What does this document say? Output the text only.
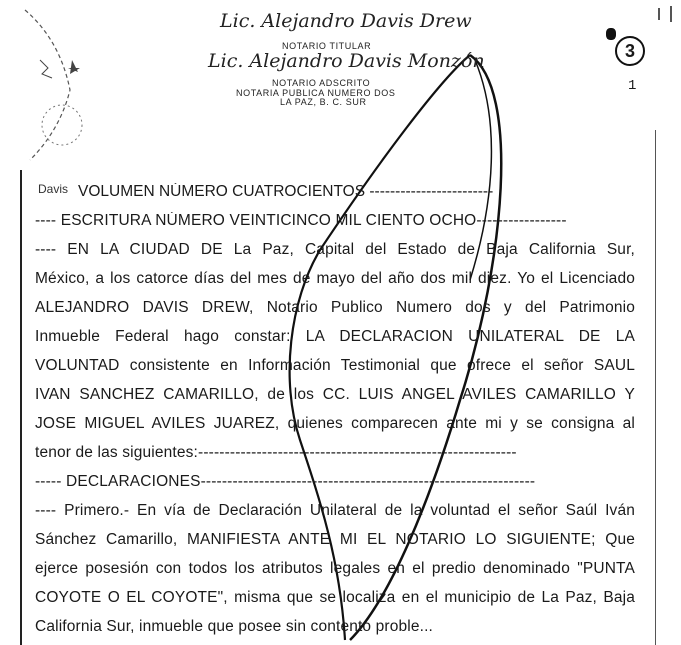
3
Lic. Alejandro Davis Drew
NOTARIO TITULAR
Lic. Alejandro Davis Monzón
NOTARIO ADSCRITO
NOTARIA PUBLICA NUMERO DOS
LA PAZ, B. C. SUR
1
Davis VOLUMEN NÚMERO CUATROCIENTOS ------------------------
---- ESCRITURA NÚMERO VEINTICINCO MIL CIENTO OCHO-----------------
---- EN LA CIUDAD DE La Paz, Capital del Estado de Baja California Sur,
México, a los catorce días del mes de mayo del año dos mil diez. Yo el Licenciado
ALEJANDRO DAVIS DREW, Notario Publico Numero dos y del Patrimonio
Inmueble Federal hago constar: LA DECLARACION UNILATERAL DE LA
VOLUNTAD consistente en Información Testimonial que ofrece el señor SAUL
IVAN SANCHEZ CAMARILLO, de los CC. LUIS ANGEL AVILES CAMARILLO Y
JOSE MIGUEL AVILES JUAREZ, quienes comparecen ante mi y se consigna al
tenor de las siguientes:------------------------------------------------------------
----- DECLARACIONES---------------------------------------------------------------
---- Primero.- En vía de Declaración Unilateral de la voluntad el señor Saúl Iván
Sánchez Camarillo, MANIFIESTA ANTE MI EL NOTARIO LO SIGUIENTE; Que
ejerce posesión con todos los atributos legales en el predio denominado "PUNTA
COYOTE O EL COYOTE", misma que se localiza en el municipio de La Paz, Baja
California Sur, inmueble que posee sin contento proble...
